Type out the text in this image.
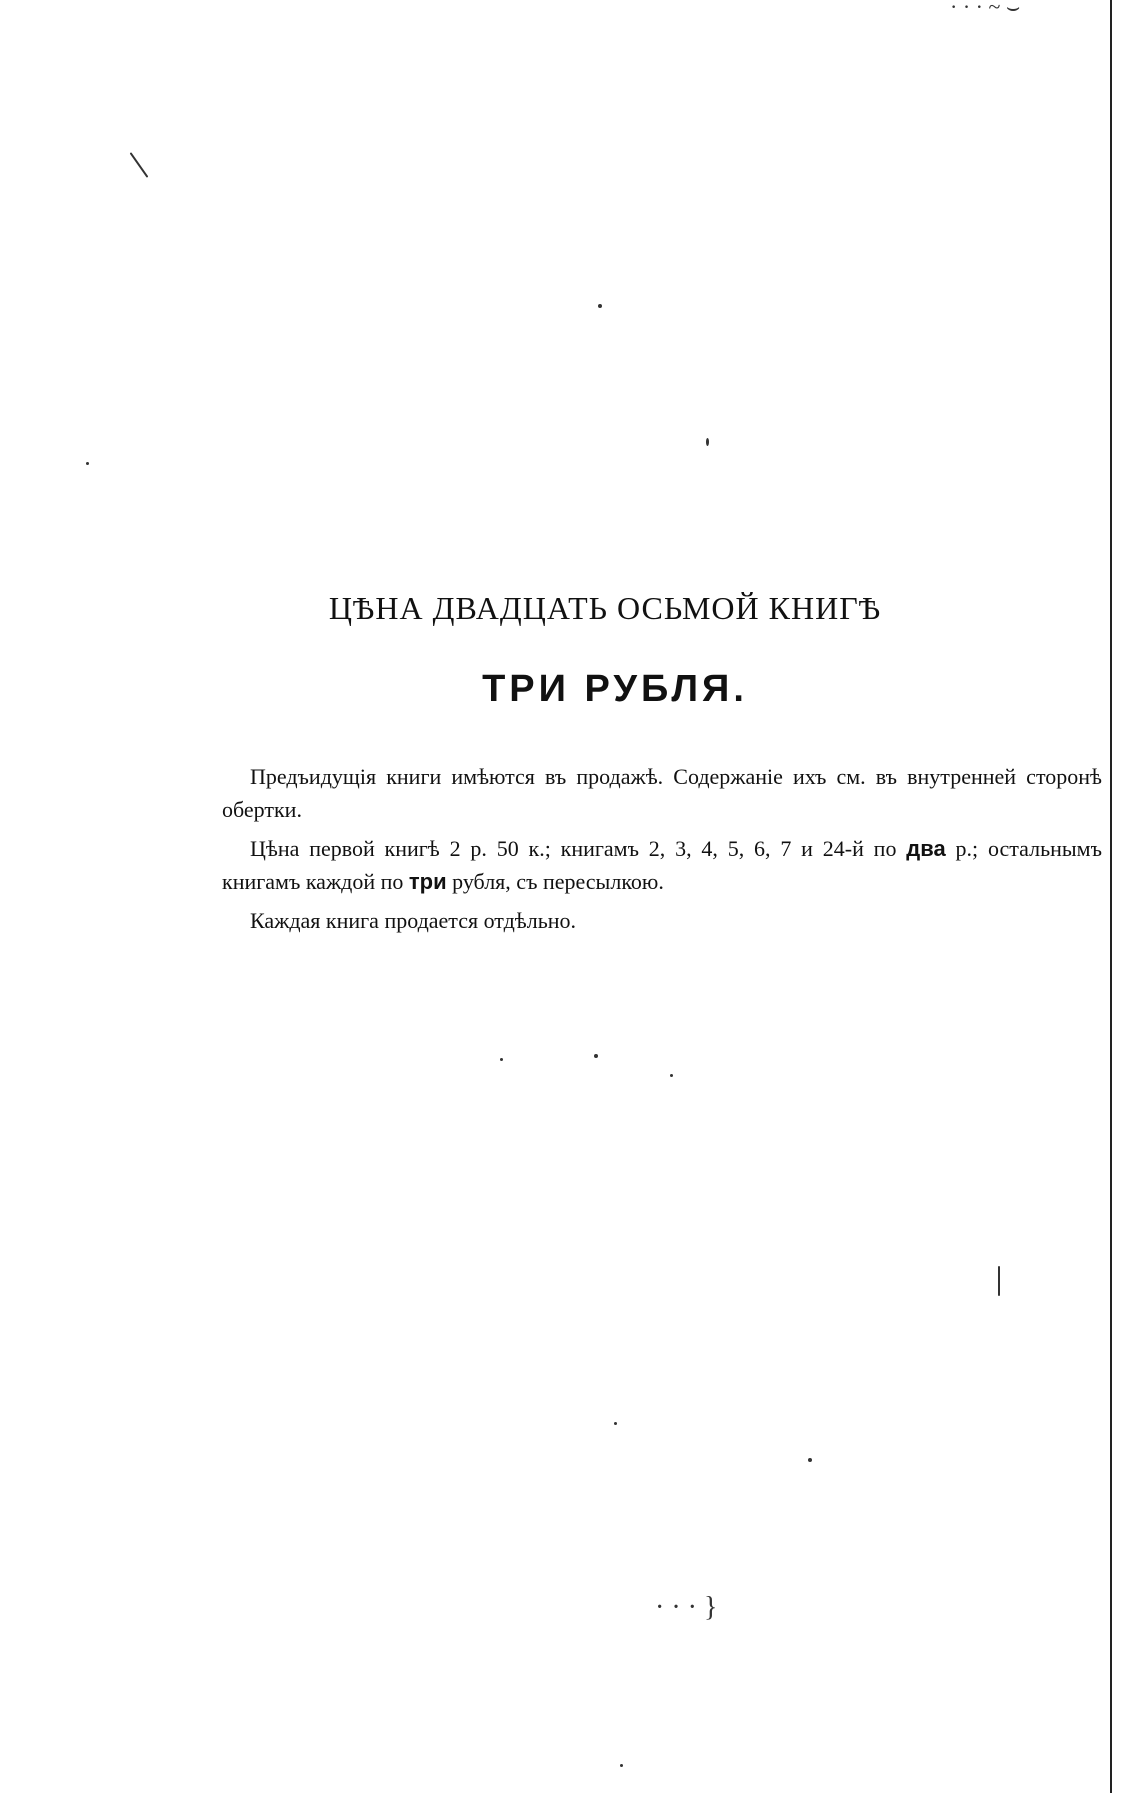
· · · ~ ⌣
ЦѢНА ДВАДЦАТЬ ОСЬМОЙ КНИГѢ
ТРИ РУБЛЯ.

Предъидущія книги имѣются въ продажѣ. Содержаніе ихъ см. въ внутренней сторонѣ обертки.

Цѣна первой книгѣ 2 р. 50 к.; книгамъ 2, 3, 4, 5, 6, 7 и 24-й по два р.; остальнымъ книгамъ каждой по три рубля, съ пересылкою.

Каждая книга продается отдѣльно.

· · · }
